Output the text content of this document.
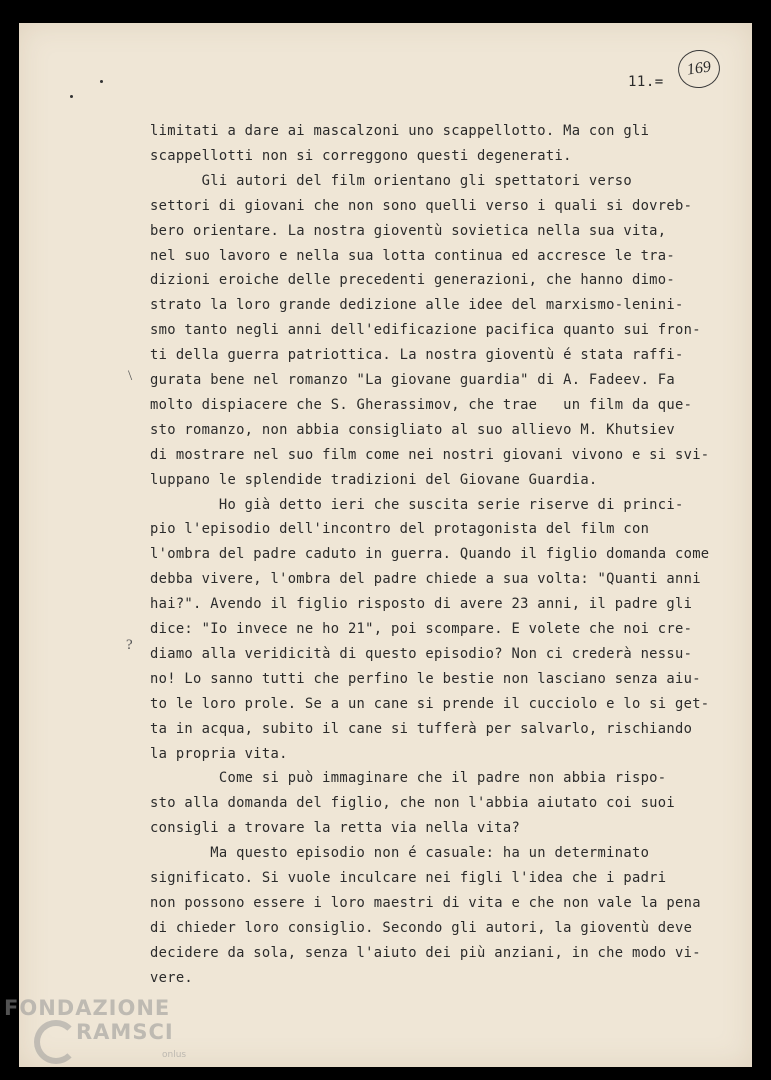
11.=
169
limitati a dare ai mascalzoni uno scappellotto. Ma con gli
scappellotti non si correggono questi degenerati.
Gli autori del film orientano gli spettatori verso
settori di giovani che non sono quelli verso i quali si dovreb-
bero orientare. La nostra gioventù sovietica nella sua vita,
nel suo lavoro e nella sua lotta continua ed accresce le tra-
dizioni eroiche delle precedenti generazioni, che hanno dimo-
strato la loro grande dedizione alle idee del marxismo-lenini-
smo tanto negli anni dell'edificazione pacifica quanto sui fron-
ti della guerra patriottica. La nostra gioventù é stata raffi-
gurata bene nel romanzo "La giovane guardia" di A. Fadeev. Fa
molto dispiacere che S. Gherassimov, che trae   un film da que-
sto romanzo, non abbia consigliato al suo allievo M. Khutsiev
di mostrare nel suo film come nei nostri giovani vivono e si svi-
luppano le splendide tradizioni del Giovane Guardia.
Ho già detto ieri che suscita serie riserve di princi-
pio l'episodio dell'incontro del protagonista del film con
l'ombra del padre caduto in guerra. Quando il figlio domanda come
debba vivere, l'ombra del padre chiede a sua volta: "Quanti anni
hai?". Avendo il figlio risposto di avere 23 anni, il padre gli
dice: "Io invece ne ho 21", poi scompare. E volete che noi cre-
diamo alla veridicità di questo episodio? Non ci crederà nessu-
no! Lo sanno tutti che perfino le bestie non lasciano senza aiu-
to le loro prole. Se a un cane si prende il cucciolo e lo si get-
ta in acqua, subito il cane si tufferà per salvarlo, rischiando
la propria vita.
Come si può immaginare che il padre non abbia rispo-
sto alla domanda del figlio, che non l'abbia aiutato coi suoi
consigli a trovare la retta via nella vita?
Ma questo episodio non é casuale: ha un determinato
significato. Si vuole inculcare nei figli l'idea che i padri
non possono essere i loro maestri di vita e che non vale la pena
di chieder loro consiglio. Secondo gli autori, la gioventù deve
decidere da sola, senza l'aiuto dei più anziani, in che modo vi-
vere.
\
?
FONDAZIONE
RAMSCI
onlus
